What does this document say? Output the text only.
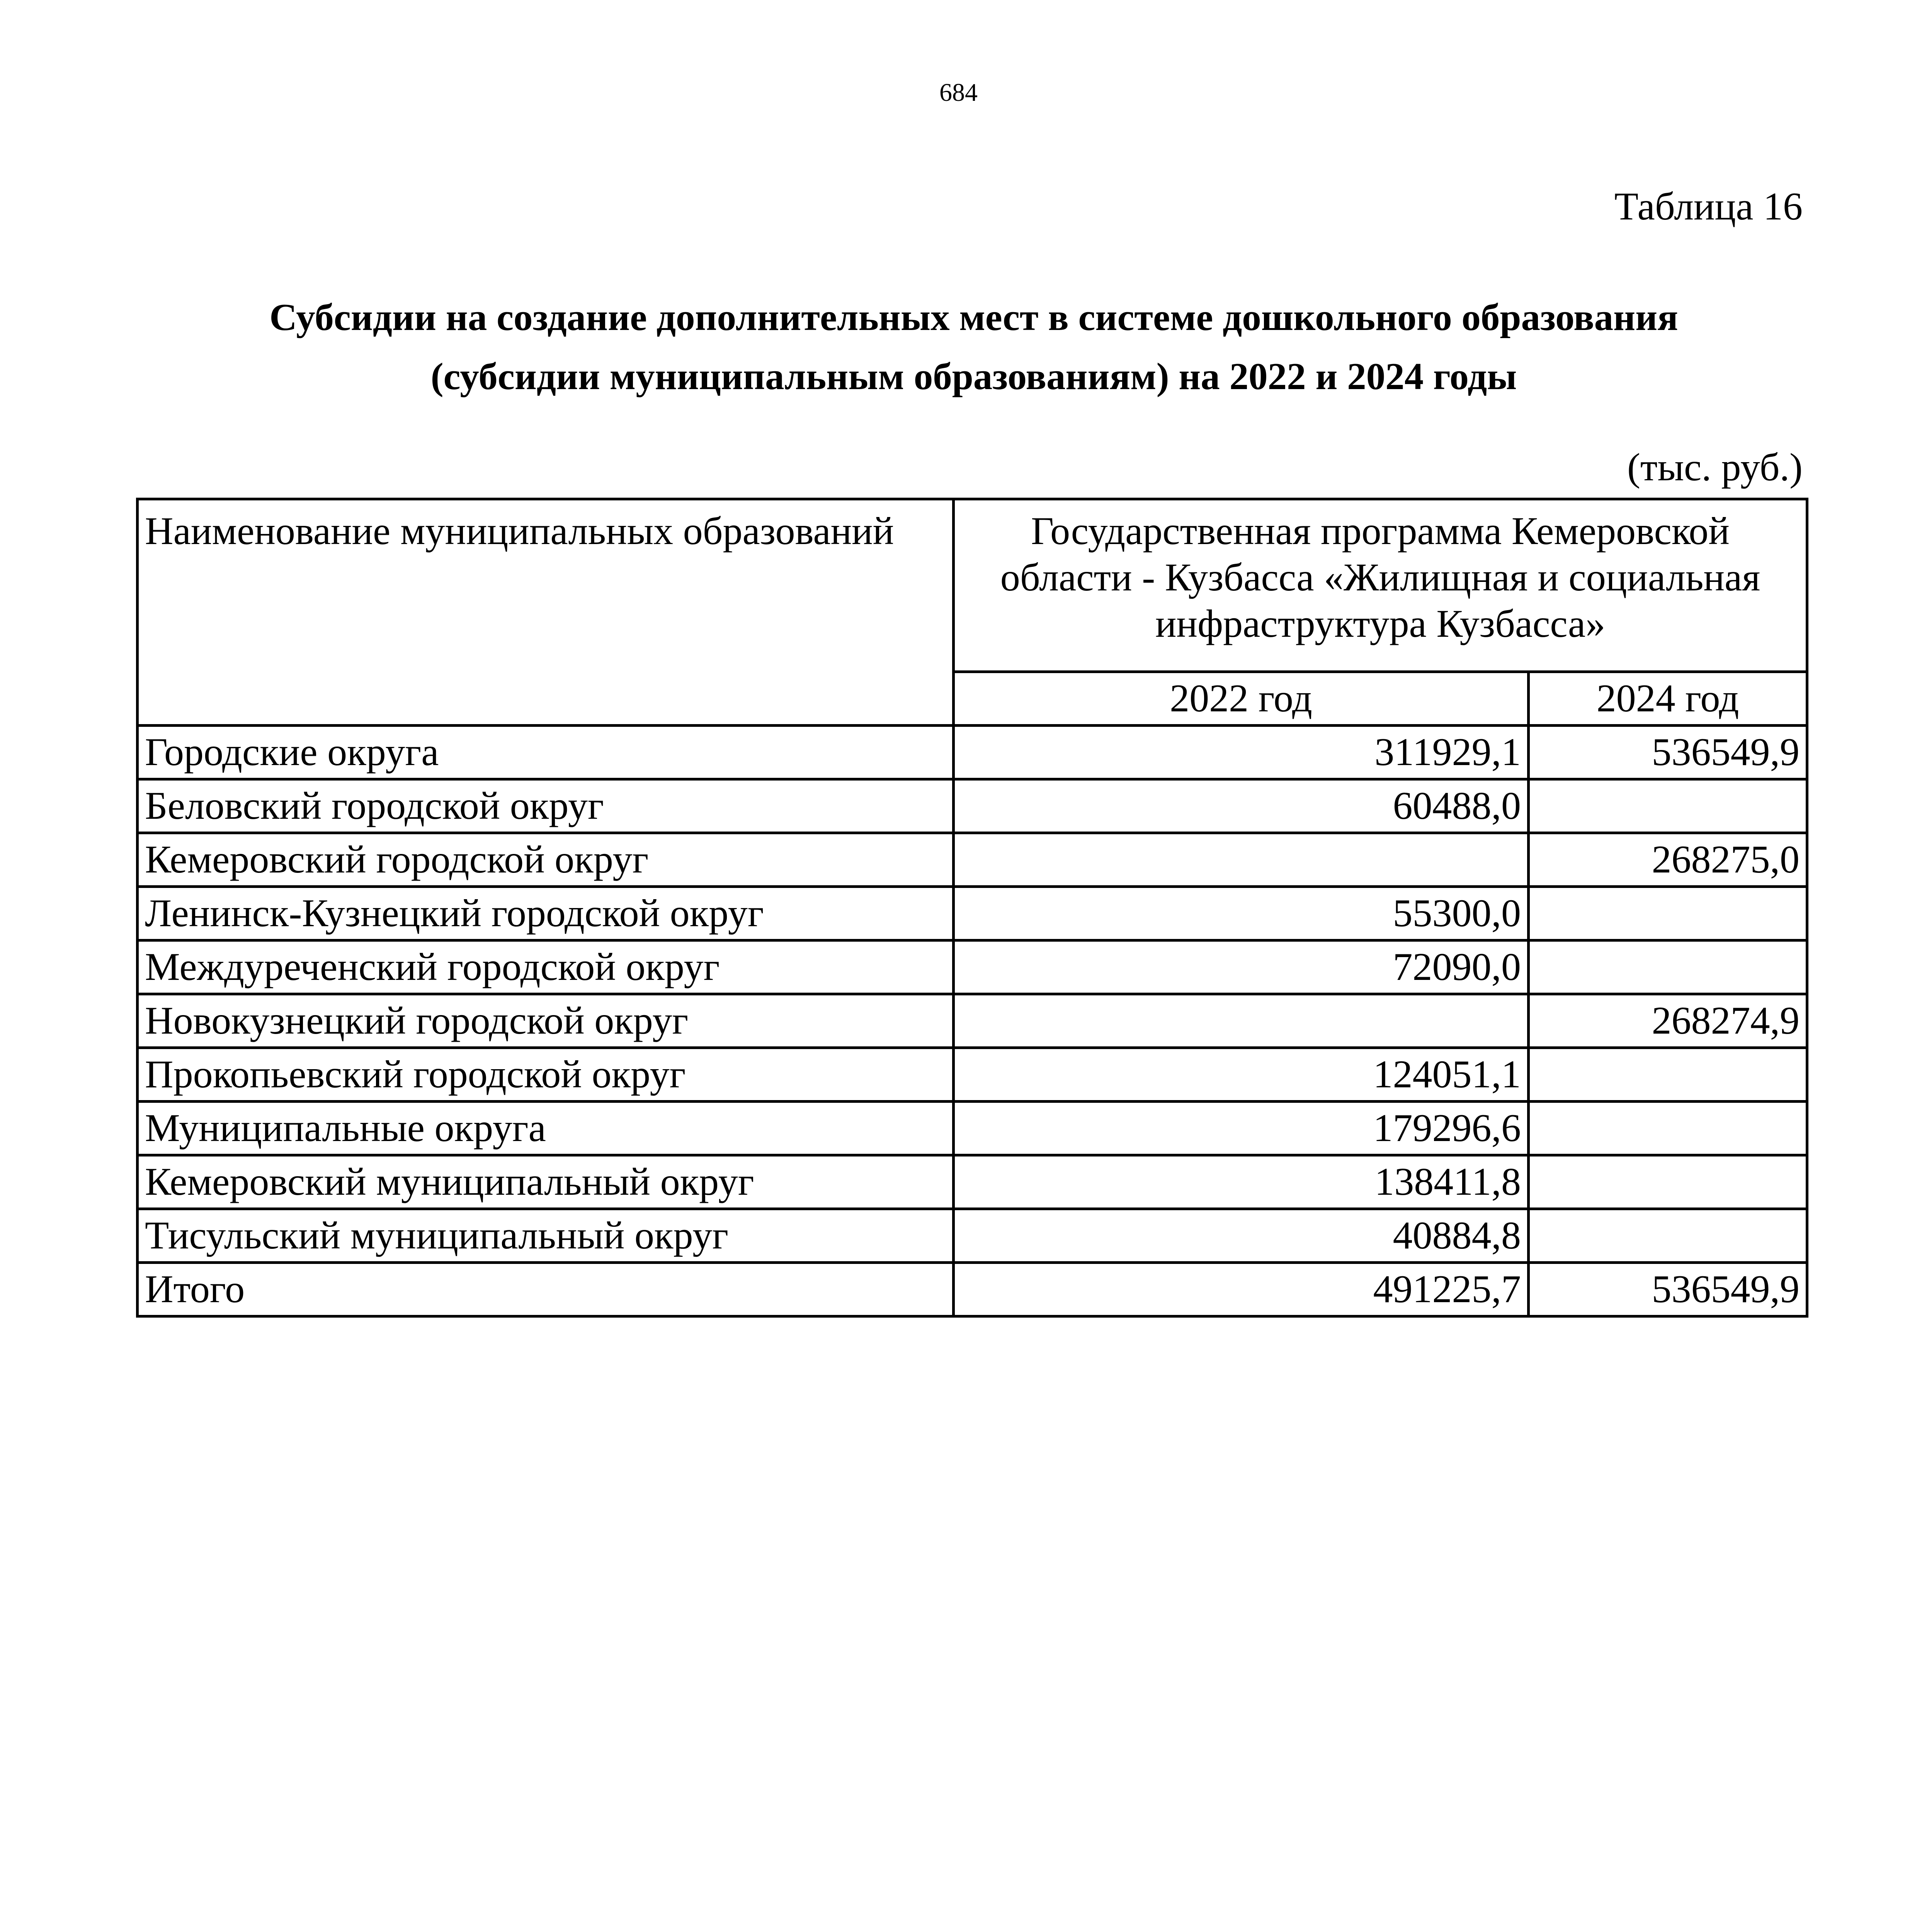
684
Таблица 16
Субсидии на создание дополнительных мест в системе дошкольного образования
(субсидии муниципальным образованиям) на 2022 и 2024 годы
(тыс. руб.)
Наименование муниципальных образований	Государственная программа Кемеровской области - Кузбасса «Жилищная и социальная инфраструктура Кузбасса»	
	2022 год	2024 год
Городские округа	311929,1	536549,9
Беловский городской округ	60488,0	
Кемеровский городской округ		268275,0
Ленинск-Кузнецкий городской округ	55300,0	
Междуреченский городской округ	72090,0	
Новокузнецкий городской округ		268274,9
Прокопьевский городской округ	124051,1	
Муниципальные округа	179296,6	
Кемеровский муниципальный округ	138411,8	
Тисульский муниципальный округ	40884,8	
Итого	491225,7	536549,9
